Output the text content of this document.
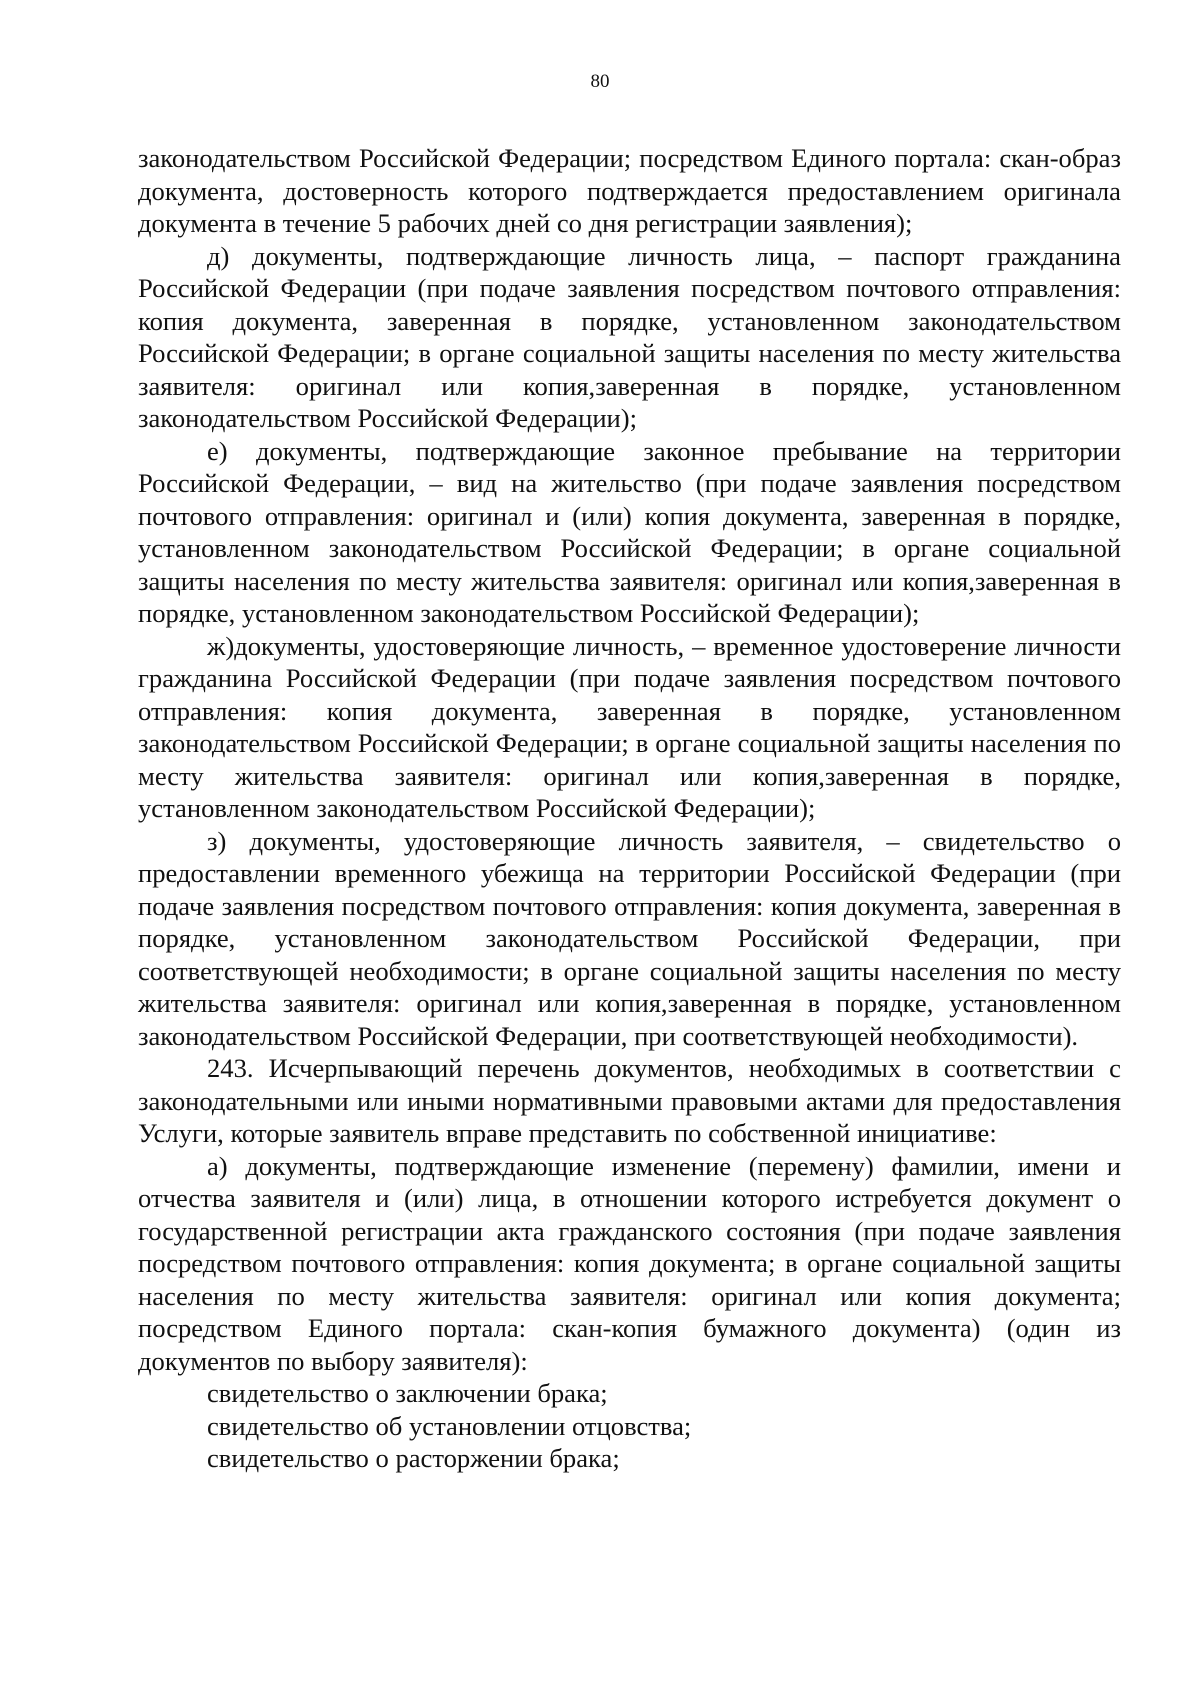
80

законодательством Российской Федерации; посредством Единого портала: скан-образ документа, достоверность которого подтверждается предоставлением оригинала документа в течение 5 рабочих дней со дня регистрации заявления);

д) документы, подтверждающие личность лица, – паспорт гражданина Российской Федерации (при подаче заявления посредством почтового отправления: копия документа, заверенная в порядке, установленном законодательством Российской Федерации; в органе социальной защиты населения по месту жительства заявителя: оригинал или копия,заверенная в порядке, установленном законодательством Российской Федерации);

е) документы, подтверждающие законное пребывание на территории Российской Федерации, – вид на жительство (при подаче заявления посредством почтового отправления: оригинал и (или) копия документа, заверенная в порядке, установленном законодательством Российской Федерации; в органе социальной защиты населения по месту жительства заявителя: оригинал или копия,заверенная в порядке, установленном законодательством Российской Федерации);

ж)документы, удостоверяющие личность, – временное удостоверение личности гражданина Российской Федерации (при подаче заявления посредством почтового отправления: копия документа, заверенная в порядке, установленном законодательством Российской Федерации; в органе социальной защиты населения по месту жительства заявителя: оригинал или копия,заверенная в порядке, установленном законодательством Российской Федерации);

з) документы, удостоверяющие личность заявителя, – свидетельство о предоставлении временного убежища на территории Российской Федерации (при подаче заявления посредством почтового отправления: копия документа, заверенная в порядке, установленном законодательством Российской Федерации, при соответствующей необходимости; в органе социальной защиты населения по месту жительства заявителя: оригинал или копия,заверенная в порядке, установленном законодательством Российской Федерации, при соответствующей необходимости).

243. Исчерпывающий перечень документов, необходимых в соответствии с законодательными или иными нормативными правовыми актами для предоставления Услуги, которые заявитель вправе представить по собственной инициативе:

а) документы, подтверждающие изменение (перемену) фамилии, имени и отчества заявителя и (или) лица, в отношении которого истребуется документ о государственной регистрации акта гражданского состояния (при подаче заявления посредством почтового отправления: копия документа; в органе социальной защиты населения по месту жительства заявителя: оригинал или копия документа; посредством Единого портала: скан-копия бумажного документа) (один из документов по выбору заявителя):

свидетельство о заключении брака;

свидетельство об установлении отцовства;

свидетельство о расторжении брака;
